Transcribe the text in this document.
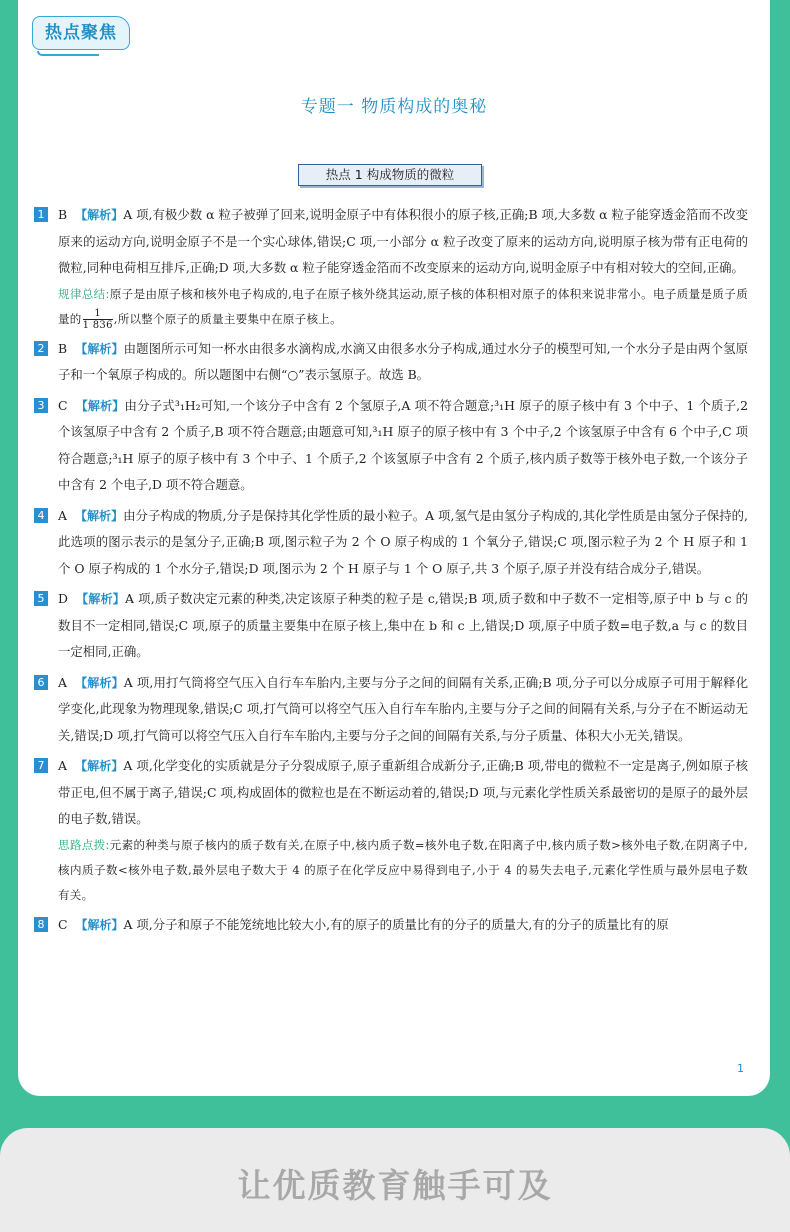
热点聚焦
专题一 物质构成的奥秘
热点 1 构成物质的微粒
1 B 【解析】A 项,有极少数 α 粒子被弹了回来,说明金原子中有体积很小的原子核,正确;B 项,大多数 α 粒子能穿透金箔而不改变原来的运动方向,说明金原子不是一个实心球体,错误;C 项,一小部分 α 粒子改变了原来的运动方向,说明原子核为带有正电荷的微粒,同种电荷相互排斥,正确;D 项,大多数 α 粒子能穿透金箔而不改变原来的运动方向,说明金原子中有相对较大的空间,正确。
规律总结:原子是由原子核和核外电子构成的,电子在原子核外绕其运动,原子核的体积相对原子的体积来说非常小。电子质量是质子质量的 $\frac{1}{1 836}$ ,所以整个原子的质量主要集中在原子核上。
2 B 【解析】由题图所示可知一杯水由很多水滴构成,水滴又由很多水分子构成,通过水分子的模型可知,一个水分子是由两个氢原子和一个氧原子构成的。所以题图中右侧“○”表示氢原子。故选 B。
3 C 【解析】由分子式³₁H₂可知,一个该分子中含有 2 个氢原子,A 项不符合题意;³₁H 原子的原子核中有 3 个中子、1 个质子,2 个该氢原子中含有 2 个质子,B 项不符合题意;由题意可知,³₁H 原子的原子核中有 3 个中子,2 个该氢原子中含有 6 个中子,C 项符合题意;³₁H 原子的原子核中有 3 个中子、1 个质子,2 个该氢原子中含有 2 个质子,核内质子数等于核外电子数,一个该分子中含有 2 个电子,D 项不符合题意。
4 A 【解析】由分子构成的物质,分子是保持其化学性质的最小粒子。A 项,氢气是由氢分子构成的,其化学性质是由氢分子保持的,此选项的图示表示的是氢分子,正确;B 项,图示粒子为 2 个 O 原子构成的 1 个氧分子,错误;C 项,图示粒子为 2 个 H 原子和 1 个 O 原子构成的 1 个水分子,错误;D 项,图示为 2 个 H 原子与 1 个 O 原子,共 3 个原子,原子并没有结合成分子,错误。
5 D 【解析】A 项,质子数决定元素的种类,决定该原子种类的粒子是 c,错误;B 项,质子数和中子数不一定相等,原子中 b 与 c 的数目不一定相同,错误;C 项,原子的质量主要集中在原子核上,集中在 b 和 c 上,错误;D 项,原子中质子数=电子数,a 与 c 的数目一定相同,正确。
6 A 【解析】A 项,用打气筒将空气压入自行车车胎内,主要与分子之间的间隔有关系,正确;B 项,分子可以分成原子可用于解释化学变化,此现象为物理现象,错误;C 项,打气筒可以将空气压入自行车车胎内,主要与分子之间的间隔有关系,与分子在不断运动无关,错误;D 项,打气筒可以将空气压入自行车车胎内,主要与分子之间的间隔有关系,与分子质量、体积大小无关,错误。
7 A 【解析】A 项,化学变化的实质就是分子分裂成原子,原子重新组合成新分子,正确;B 项,带电的微粒不一定是离子,例如原子核带正电,但不属于离子,错误;C 项,构成固体的微粒也是在不断运动着的,错误;D 项,与元素化学性质关系最密切的是原子的最外层的电子数,错误。
思路点拨:元素的种类与原子核内的质子数有关,在原子中,核内质子数=核外电子数,在阳离子中,核内质子数>核外电子数,在阴离子中,核内质子数<核外电子数,最外层电子数大于 4 的原子在化学反应中易得到电子,小于 4 的易失去电子,元素化学性质与最外层电子数有关。
8 C 【解析】A 项,分子和原子不能笼统地比较大小,有的原子的质量比有的分子的质量大,有的分子的质量比有的原
1
让优质教育触手可及
